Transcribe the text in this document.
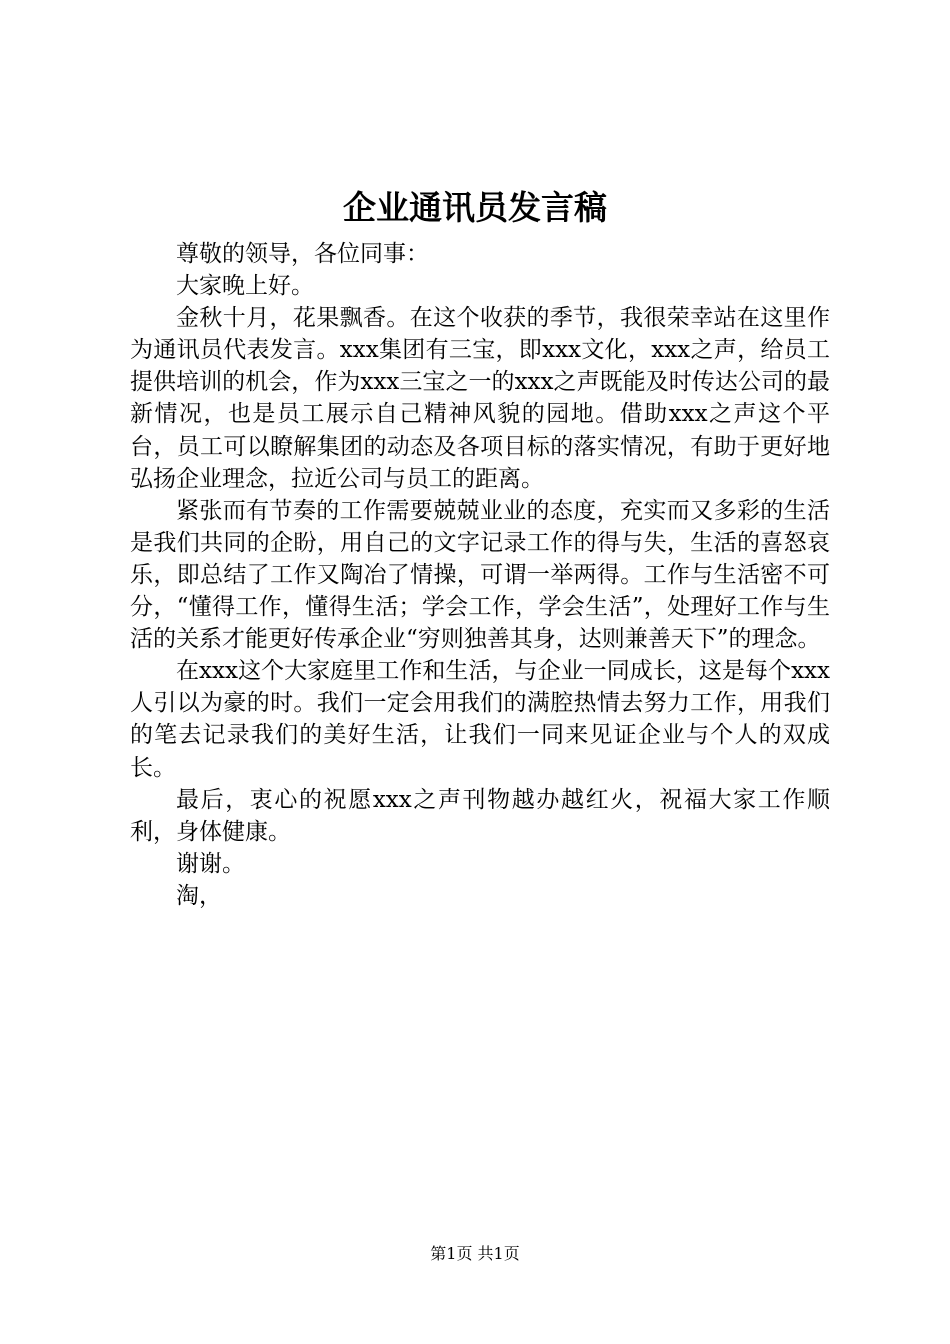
企业通讯员发言稿

尊敬的领导，各位同事：

大家晚上好。

金秋十月，花果飘香。在这个收获的季节，我很荣幸站在这里作为通讯员代表发言。xxx集团有三宝，即xxx文化，xxx之声，给员工提供培训的机会，作为xxx三宝之一的xxx之声既能及时传达公司的最新情况，也是员工展示自己精神风貌的园地。借助xxx之声这个平台，员工可以瞭解集团的动态及各项目标的落实情况，有助于更好地弘扬企业理念，拉近公司与员工的距离。

紧张而有节奏的工作需要兢兢业业的态度，充实而又多彩的生活是我们共同的企盼，用自己的文字记录工作的得与失，生活的喜怒哀乐，即总结了工作又陶冶了情操，可谓一举两得。工作与生活密不可分，“懂得工作，懂得生活；学会工作，学会生活”，处理好工作与生活的关系才能更好传承企业“穷则独善其身，达则兼善天下”的理念。

在xxx这个大家庭里工作和生活，与企业一同成长，这是每个xxx人引以为豪的时。我们一定会用我们的满腔热情去努力工作，用我们的笔去记录我们的美好生活，让我们一同来见证企业与个人的双成长。

最后，衷心的祝愿xxx之声刊物越办越红火，祝福大家工作顺利，身体健康。

谢谢。

淘，

第1页 共1页
